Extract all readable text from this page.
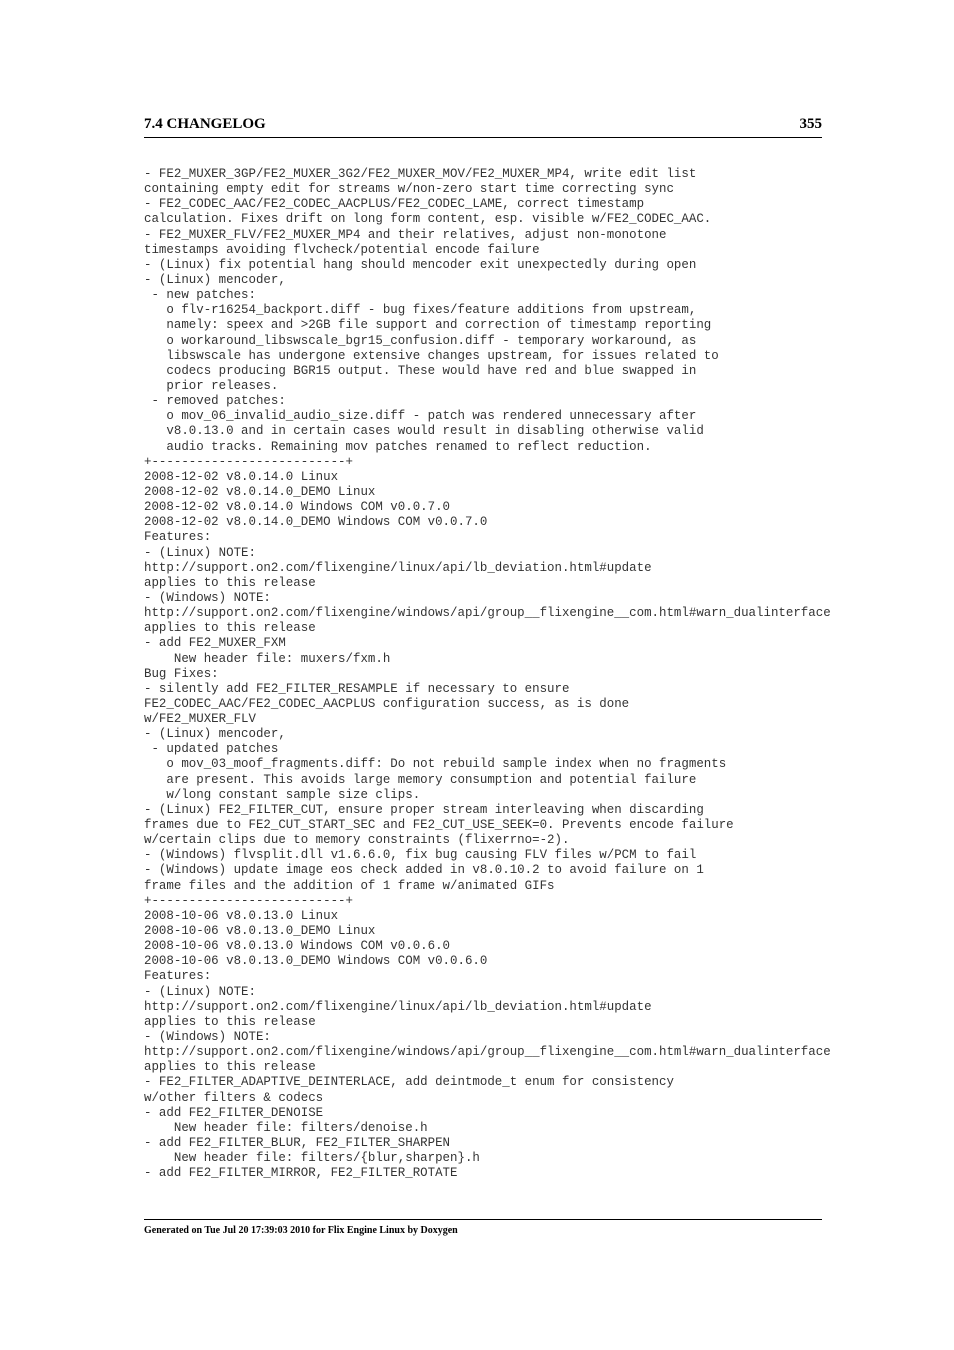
7.4 CHANGELOG	355
- FE2_MUXER_3GP/FE2_MUXER_3G2/FE2_MUXER_MOV/FE2_MUXER_MP4, write edit list
containing empty edit for streams w/non-zero start time correcting sync
- FE2_CODEC_AAC/FE2_CODEC_AACPLUS/FE2_CODEC_LAME, correct timestamp
calculation. Fixes drift on long form content, esp. visible w/FE2_CODEC_AAC.
- FE2_MUXER_FLV/FE2_MUXER_MP4 and their relatives, adjust non-monotone
timestamps avoiding flvcheck/potential encode failure
- (Linux) fix potential hang should mencoder exit unexpectedly during open
- (Linux) mencoder,
- new patches:
o flv-r16254_backport.diff - bug fixes/feature additions from upstream,
namely: speex and >2GB file support and correction of timestamp reporting
o workaround_libswscale_bgr15_confusion.diff - temporary workaround, as
libswscale has undergone extensive changes upstream, for issues related to
codecs producing BGR15 output. These would have red and blue swapped in
prior releases.
- removed patches:
o mov_06_invalid_audio_size.diff - patch was rendered unnecessary after
v8.0.13.0 and in certain cases would result in disabling otherwise valid
audio tracks. Remaining mov patches renamed to reflect reduction.
+--------------------------+
2008-12-02 v8.0.14.0 Linux
2008-12-02 v8.0.14.0_DEMO Linux
2008-12-02 v8.0.14.0 Windows COM v0.0.7.0
2008-12-02 v8.0.14.0_DEMO Windows COM v0.0.7.0
Features:
- (Linux) NOTE:
http://support.on2.com/flixengine/linux/api/lb_deviation.html#update
applies to this release
- (Windows) NOTE:
http://support.on2.com/flixengine/windows/api/group__flixengine__com.html#warn_dualinterface
applies to this release
- add FE2_MUXER_FXM
New header file: muxers/fxm.h
Bug Fixes:
- silently add FE2_FILTER_RESAMPLE if necessary to ensure
FE2_CODEC_AAC/FE2_CODEC_AACPLUS configuration success, as is done
w/FE2_MUXER_FLV
- (Linux) mencoder,
- updated patches
o mov_03_moof_fragments.diff: Do not rebuild sample index when no fragments
are present. This avoids large memory consumption and potential failure
w/long constant sample size clips.
- (Linux) FE2_FILTER_CUT, ensure proper stream interleaving when discarding
frames due to FE2_CUT_START_SEC and FE2_CUT_USE_SEEK=0. Prevents encode failure
w/certain clips due to memory constraints (flixerrno=-2).
- (Windows) flvsplit.dll v1.6.6.0, fix bug causing FLV files w/PCM to fail
- (Windows) update image eos check added in v8.0.10.2 to avoid failure on 1
frame files and the addition of 1 frame w/animated GIFs
+--------------------------+
2008-10-06 v8.0.13.0 Linux
2008-10-06 v8.0.13.0_DEMO Linux
2008-10-06 v8.0.13.0 Windows COM v0.0.6.0
2008-10-06 v8.0.13.0_DEMO Windows COM v0.0.6.0
Features:
- (Linux) NOTE:
http://support.on2.com/flixengine/linux/api/lb_deviation.html#update
applies to this release
- (Windows) NOTE:
http://support.on2.com/flixengine/windows/api/group__flixengine__com.html#warn_dualinterface
applies to this release
- FE2_FILTER_ADAPTIVE_DEINTERLACE, add deintmode_t enum for consistency
w/other filters & codecs
- add FE2_FILTER_DENOISE
New header file: filters/denoise.h
- add FE2_FILTER_BLUR, FE2_FILTER_SHARPEN
New header file: filters/{blur,sharpen}.h
- add FE2_FILTER_MIRROR, FE2_FILTER_ROTATE
Generated on Tue Jul 20 17:39:03 2010 for Flix Engine Linux by Doxygen
